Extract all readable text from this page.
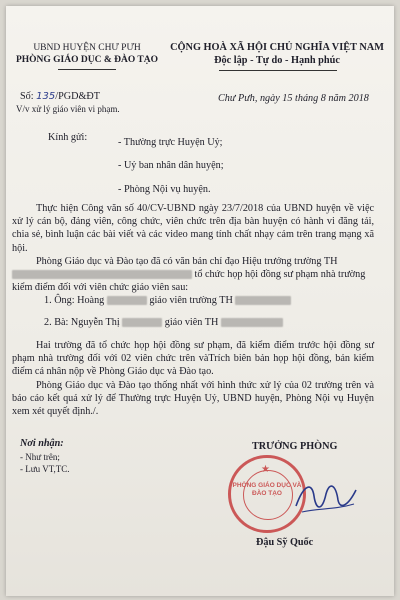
UBND HUYỆN CHƯ PƯH
PHÒNG GIÁO DỤC & ĐÀO TẠO
CỘNG HOÀ XÃ HỘI CHỦ NGHĨA VIỆT NAM
Độc lập - Tự do - Hạnh phúc
Số: 135/PGD&ĐT
V/v xử lý giáo viên vi phạm.
Chư Pưh, ngày 15 tháng 8 năm 2018
Kính gửi:	- Thường trực Huyện Uỷ;
- Uỷ ban nhân dân huyện;
- Phòng Nội vụ huyện.
Thực hiện Công văn số 40/CV-UBND ngày 23/7/2018 của UBND huyện về việc xử lý cán bộ, đảng viên, công chức, viên chức trên địa bàn huyện có hành vi đăng tải, chia sẻ, bình luận các bài viết và các video mang tính chất nhạy cảm trên trang mạng xã hội.
Phòng Giáo dục và Đào tạo đã có văn bản chỉ đạo Hiệu trưởng trường TH
tổ chức họp hội đồng sư phạm nhà trường
kiểm điểm đối với viên chức giáo viên sau:
1. Ông: Hoàng	giáo viên trường TH
2. Bà: Nguyễn Thị	giáo viên TH
Hai trường đã tổ chức họp hội đồng sư phạm, đã kiểm điểm trước hội đồng sư phạm nhà trường đối với 02 viên chức trên vàTrích biên bản họp hội đồng, bản kiểm điểm cá nhân nộp về Phòng Giáo dục và Đào tạo.
Phòng Giáo dục và Đào tạo thống nhất với hình thức xử lý của 02 trường trên và báo cáo kết quả xử lý để Thường trực Huyện Uỷ, UBND huyện, Phòng Nội vụ Huyện xem xét quyết định./.
Nơi nhận:
- Như trên;
- Lưu VT,TC.
TRƯỞNG PHÒNG
★
PHÒNG GIÁO DỤC VÀ ĐÀO TẠO
Đậu Sỹ Quốc
